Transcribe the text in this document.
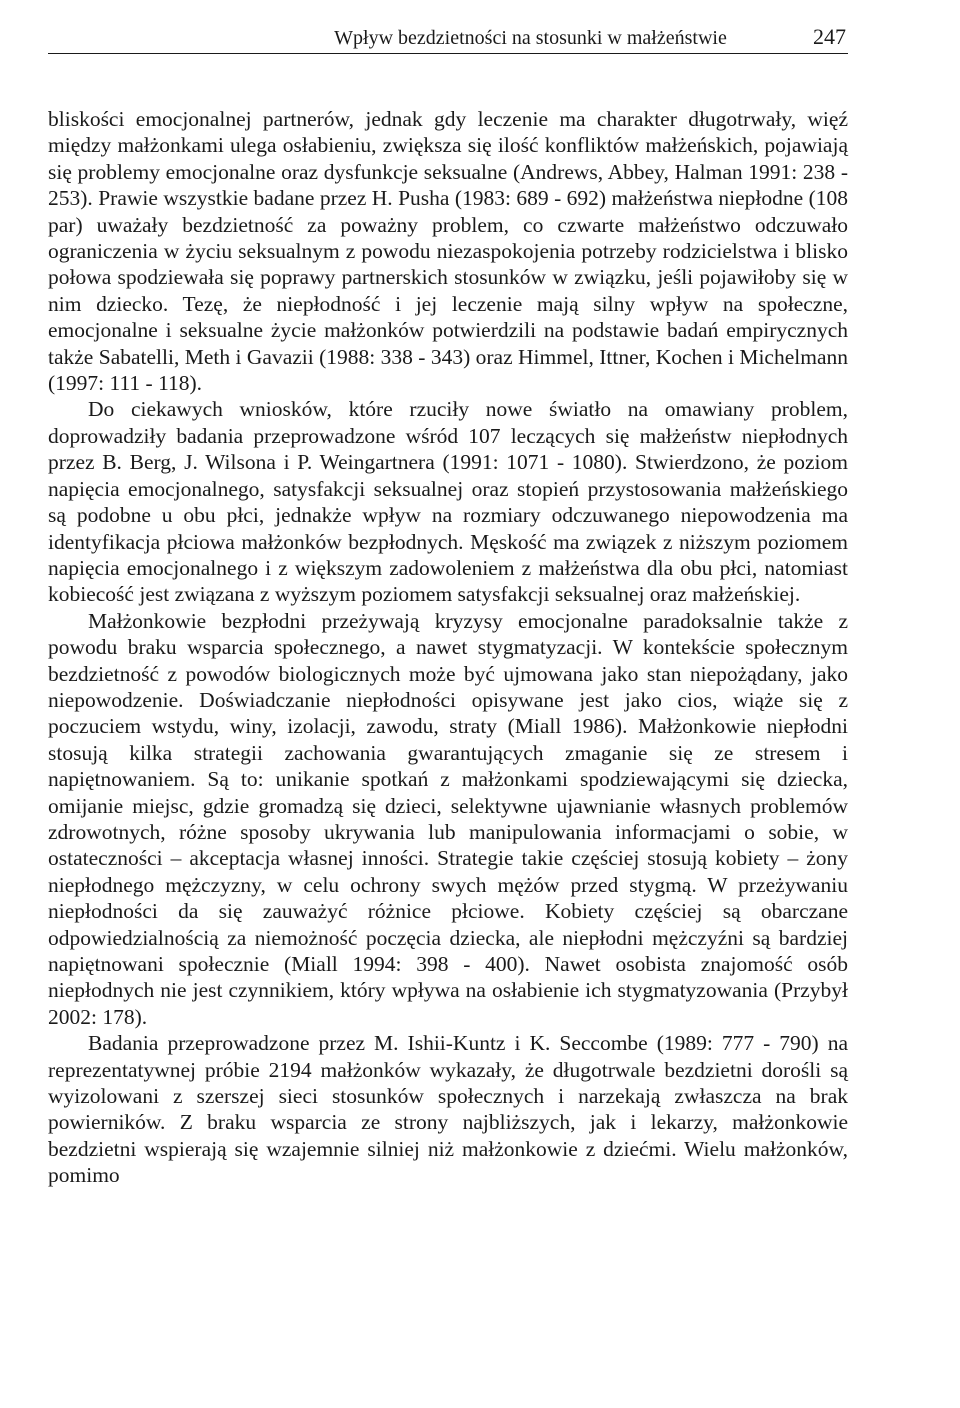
Wpływ bezdzietności na stosunki w małżeństwie	247

bliskości emocjonalnej partnerów, jednak gdy leczenie ma charakter długotrwały, więź między małżonkami ulega osłabieniu, zwiększa się ilość konfliktów małżeńskich, pojawiają się problemy emocjonalne oraz dysfunkcje seksualne (Andrews, Abbey, Halman 1991: 238 - 253). Prawie wszystkie badane przez H. Pusha (1983: 689 - 692) małżeństwa niepłodne (108 par) uważały bezdzietność za poważny problem, co czwarte małżeństwo odczuwało ograniczenia w życiu seksualnym z powodu niezaspokojenia potrzeby rodzicielstwa i blisko połowa spodziewała się poprawy partnerskich stosunków w związku, jeśli pojawiłoby się w nim dziecko. Tezę, że niepłodność i jej leczenie mają silny wpływ na społeczne, emocjonalne i seksualne życie małżonków potwierdzili na podstawie badań empirycznych także Sabatelli, Meth i Gavazii (1988: 338 - 343) oraz Himmel, Ittner, Kochen i Michelmann (1997: 111 - 118).

Do ciekawych wniosków, które rzuciły nowe światło na omawiany problem, doprowadziły badania przeprowadzone wśród 107 leczących się małżeństw niepłodnych przez B. Berg, J. Wilsona i P. Weingartnera (1991: 1071 - 1080). Stwierdzono, że poziom napięcia emocjonalnego, satysfakcji seksualnej oraz stopień przystosowania małżeńskiego są podobne u obu płci, jednakże wpływ na rozmiary odczuwanego niepowodzenia ma identyfikacja płciowa małżonków bezpłodnych. Męskość ma związek z niższym poziomem napięcia emocjonalnego i z większym zadowoleniem z małżeństwa dla obu płci, natomiast kobiecość jest związana z wyższym poziomem satysfakcji seksualnej oraz małżeńskiej.

Małżonkowie bezpłodni przeżywają kryzysy emocjonalne paradoksalnie także z powodu braku wsparcia społecznego, a nawet stygmatyzacji. W kontekście społecznym bezdzietność z powodów biologicznych może być ujmowana jako stan niepożądany, jako niepowodzenie. Doświadczanie niepłodności opisywane jest jako cios, wiąże się z poczuciem wstydu, winy, izolacji, zawodu, straty (Miall 1986). Małżonkowie niepłodni stosują kilka strategii zachowania gwarantujących zmaganie się ze stresem i napiętnowaniem. Są to: unikanie spotkań z małżonkami spodziewającymi się dziecka, omijanie miejsc, gdzie gromadzą się dzieci, selektywne ujawnianie własnych problemów zdrowotnych, różne sposoby ukrywania lub manipulowania informacjami o sobie, w ostateczności – akceptacja własnej inności. Strategie takie częściej stosują kobiety – żony niepłodnego mężczyzny, w celu ochrony swych mężów przed stygmą. W przeżywaniu niepłodności da się zauważyć różnice płciowe. Kobiety częściej są obarczane odpowiedzialnością za niemożność poczęcia dziecka, ale niepłodni mężczyźni są bardziej napiętnowani społecznie (Miall 1994: 398 - 400). Nawet osobista znajomość osób niepłodnych nie jest czynnikiem, który wpływa na osłabienie ich stygmatyzowania (Przybył 2002: 178).

Badania przeprowadzone przez M. Ishii-Kuntz i K. Seccombe (1989: 777 - 790) na reprezentatywnej próbie 2194 małżonków wykazały, że długotrwale bezdzietni dorośli są wyizolowani z szerszej sieci stosunków społecznych i narzekają zwłaszcza na brak powierników. Z braku wsparcia ze strony najbliższych, jak i lekarzy, małżonkowie bezdzietni wspierają się wzajemnie silniej niż małżonkowie z dziećmi. Wielu małżonków, pomimo
